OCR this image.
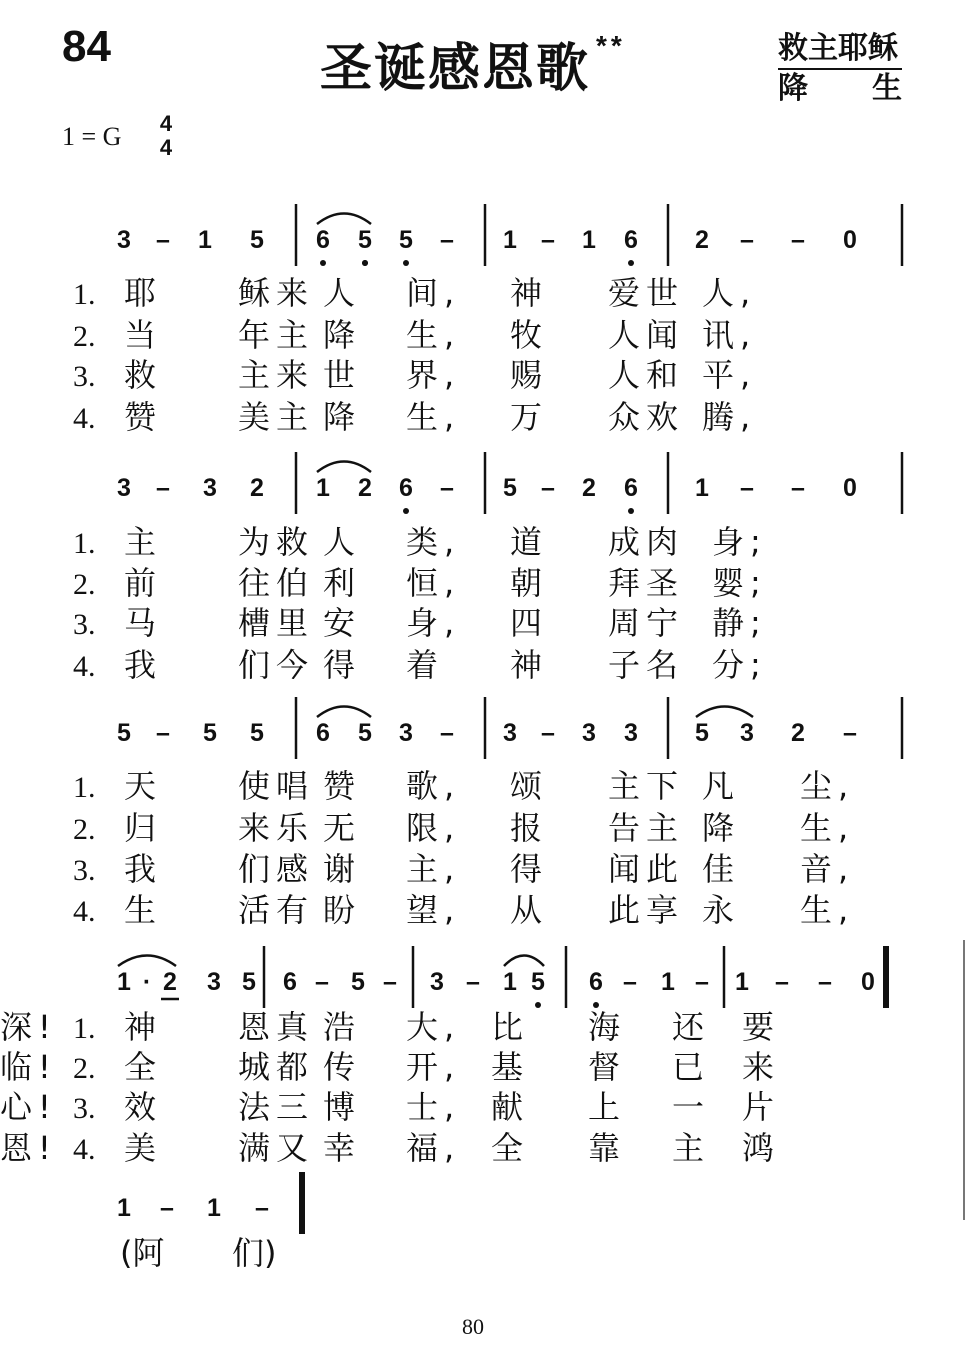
84	圣诞感恩歌 **	救主耶稣
降 生
1 = G 4
4
3 – 1 5 6 5 5 – 1 – 1 6 2 – – 0
1. 耶	稣来 人 间, 神 爱世 人,
2. 当	年主 降 生, 牧 人闻 讯,
3. 救	主来 世 界, 赐 人和 平,
4. 赞	美主 降 生, 万 众欢 腾,
3 – 3 2 1 2 6 – 5 – 2 6 1 – – 0
1. 主	为救 人 类, 道 成肉 身;
2. 前	往伯 利 恒, 朝 拜圣 婴;
3. 马	槽里 安 身, 四 周宁 静;
4. 我	们今 得 着 神 子名 分;
5 – 5 5 6 5 3 – 3 – 3 3 5 3 2 –
1. 天	使唱 赞 歌, 颂 主下 凡 尘,
2. 归	来乐 无 限, 报 告主 降 生,
3. 我	们感 谢 主, 得 闻此 佳 音,
4. 生	活有 盼 望, 从 此享 永 生,
1 · 2 3 5 6 – 5 – 3 – 1 5 6 – 1 – 1 – – 0
1. 神	恩真 浩 大, 比 海 还 要
深!
2. 全	城都 传 开, 基 督 已 来
临!
3. 效	法三 博 士, 献 上 一 片
心!
4. 美	满又 幸 福, 全 靠 主 鸿
恩!
1 – 1 –
(阿 们)
80
